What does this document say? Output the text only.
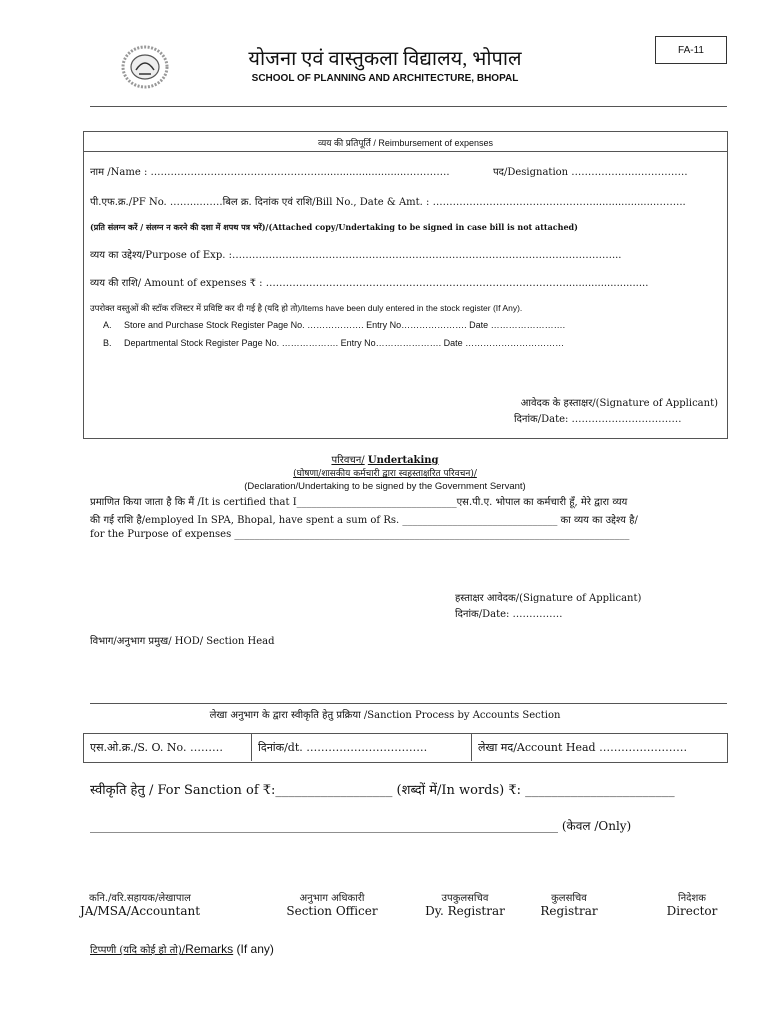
योजना एवं वास्तुकला विद्यालय, भोपाल
SCHOOL OF PLANNING AND ARCHITECTURE, BHOPAL
FA-11
व्यय की प्रतिपूर्ति / Reimbursement of expenses
नाम /Name : ……………………………………………...........................………….	पद/Designation ………………..……………
पी.एफ.क्र./PF No. ……...…….बिल क्र. दिनांक एवं राशि/Bill No., Date & Amt. : …………………………………………....................……...
(प्रति संलग्न करें / संलग्न न करने की दशा में शपथ पत्र भरें)/(Attached copy/Undertaking to be signed in case bill is not attached)
व्यय का उद्देश्य/Purpose of Exp. :……………………………………………………………………………………………………...
व्यय की राशि/ Amount of expenses ₹ : ………………………………………………………………………………..........................
उपरोक्त वस्तुओं की स्टॉक रजिस्टर में प्रविष्टि कर दी गई है (यदि हो तो)/Items have been duly entered in the stock register (If Any).
A. Store and Purchase Stock Register Page No. ………………. Entry No…………………. Date …………………….
B. Departmental Stock Register Page No. ………………. Entry No…………………. Date ……………………………
आवेदक के हस्ताक्षर/(Signature of Applicant)
दिनांक/Date: ……………………………
परिवचन/ Undertaking
(घोषणा/शासकीय कर्मचारी द्वारा स्वहस्ताक्षरित परिवचन)/
(Declaration/Undertaking to be signed by the Government Servant)
प्रमाणित किया जाता है कि मैं /It is certified that I________________________________एस.पी.ए. भोपाल का कर्मचारी हूँ, मेरे द्वारा व्यय
की गई राशि है/employed In SPA, Bhopal, have spent a sum of Rs. _______________________________ का व्यय का उद्देश्य है/
for the Purpose of expenses _______________________________________________________________________________
हस्ताक्षर आवेदक/(Signature of Applicant)
दिनांक/Date: ……………
विभाग/अनुभाग प्रमुख/ HOD/ Section Head
लेखा अनुभाग के द्वारा स्वीकृति हेतु प्रक्रिया /Sanction Process by Accounts Section
एस.ओ.क्र./S. O. No. ………	दिनांक/dt. ……………………………	लेखा मद/Account Head ……………………
स्वीकृति हेतु / For Sanction of ₹:__________________ (शब्दों में/In words) ₹: _______________________
______________________________________________________________________________ (केवल /Only)
कनि./वरि.सहायक/लेखापाल
JA/MSA/Accountant
अनुभाग अधिकारी
Section Officer
उपकुलसचिव
Dy. Registrar
कुलसचिव
Registrar
निदेशक
Director
टिप्पणी (यदि कोई हो तो)/Remarks (If any)
